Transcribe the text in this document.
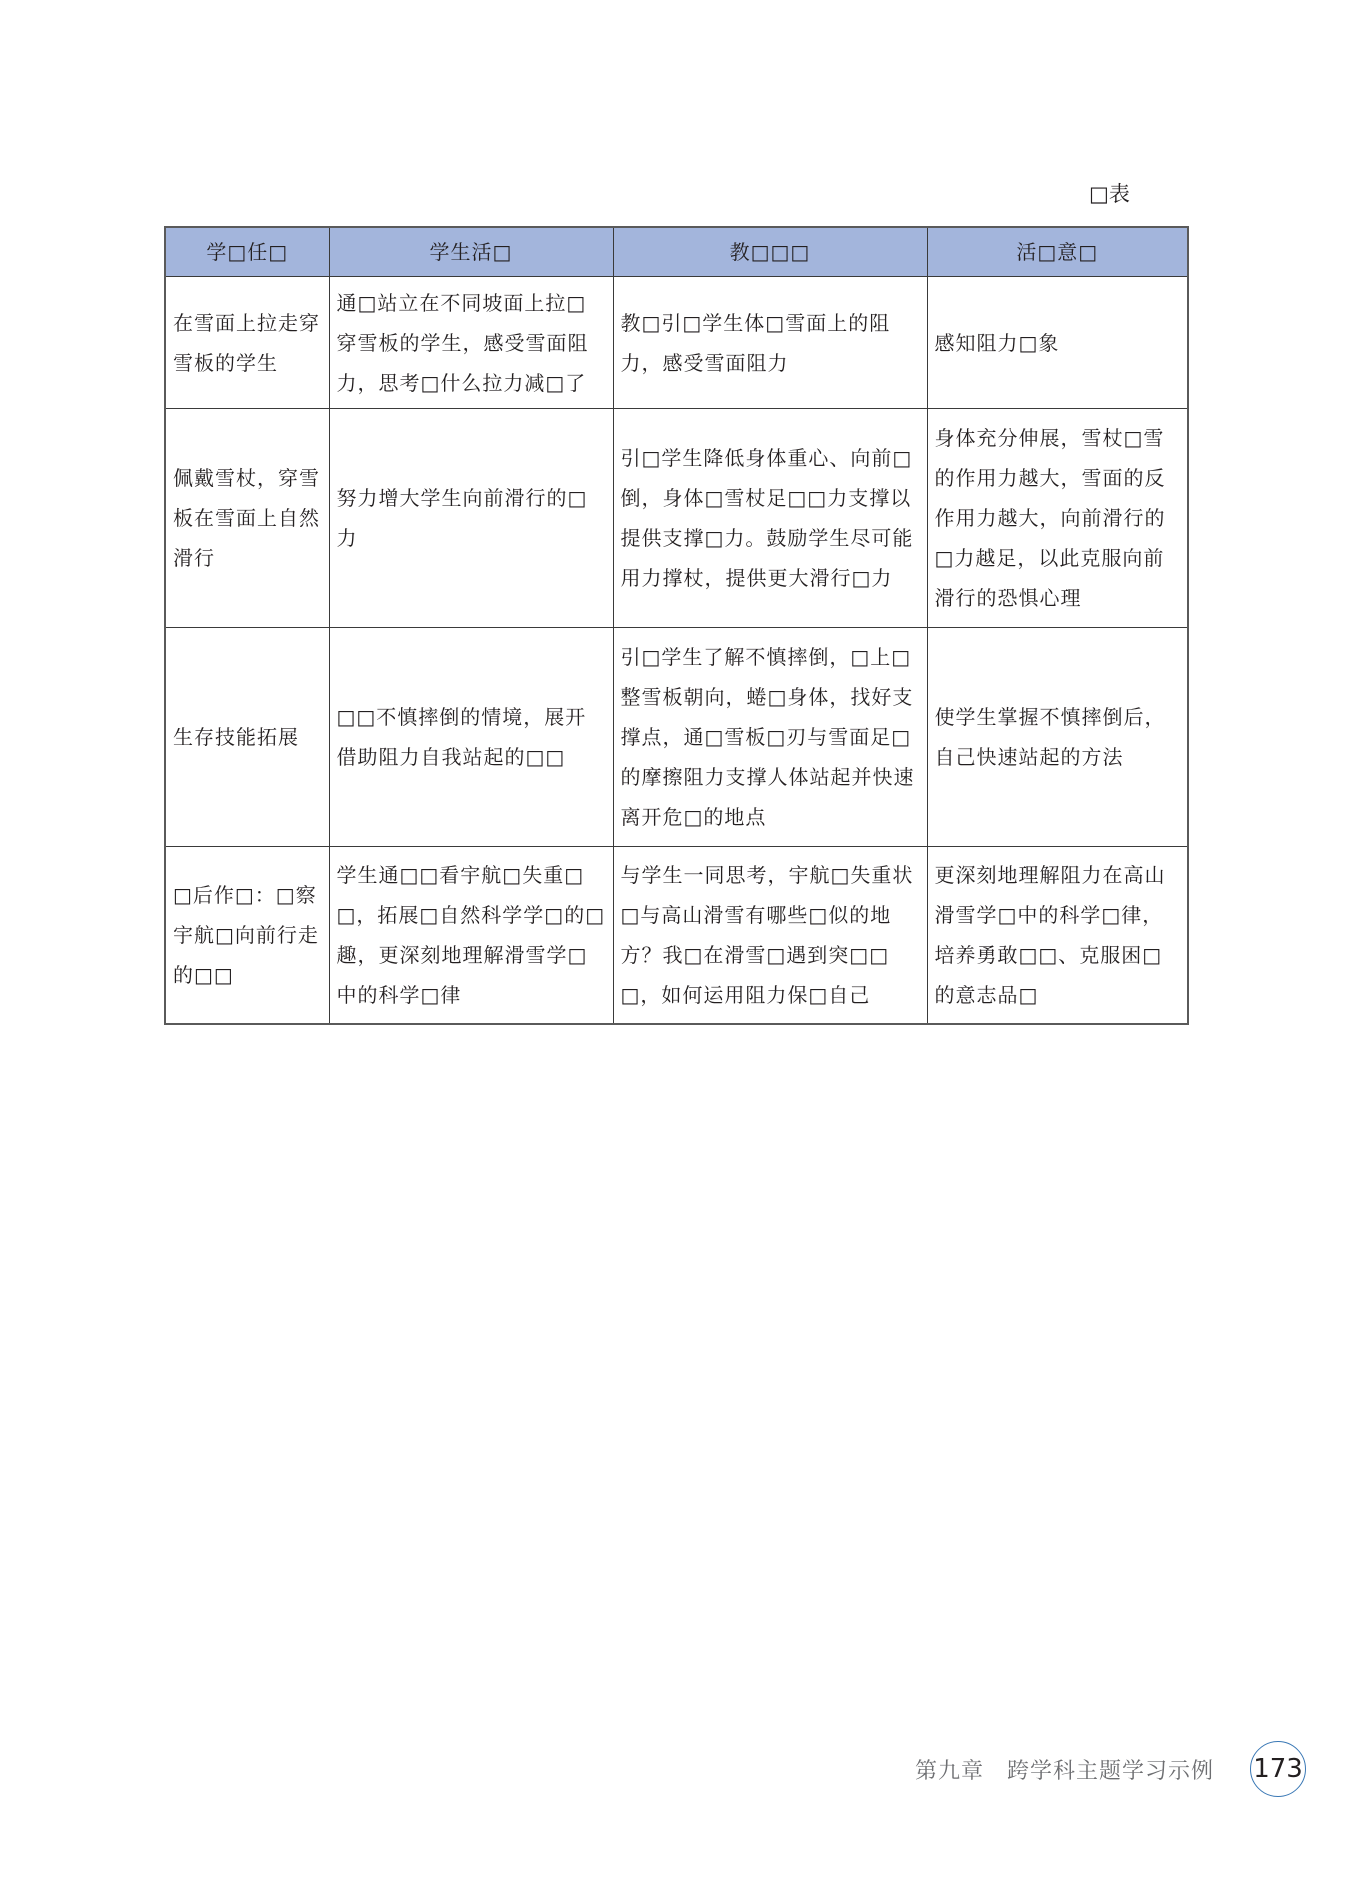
□表
学□任□	学生活□	教□□□	活□意□
在雪面上拉走穿雪板的学生	通□站立在不同坡面上拉□穿雪板的学生，感受雪面阻力，思考□什么拉力减□了	教□引□学生体□雪面上的阻力，感受雪面阻力	感知阻力□象
佩戴雪杖，穿雪板在雪面上自然滑行	努力增大学生向前滑行的□力	引□学生降低身体重心、向前□倒，身体□雪杖足□□力支撑以提供支撑□力。鼓励学生尽可能用力撑杖，提供更大滑行□力	身体充分伸展，雪杖□雪的作用力越大，雪面的反作用力越大，向前滑行的□力越足，以此克服向前滑行的恐惧心理
生存技能拓展	□□不慎摔倒的情境，展开借助阻力自我站起的□□	引□学生了解不慎摔倒，□上□整雪板朝向，蜷□身体，找好支撑点，通□雪板□刃与雪面足□的摩擦阻力支撑人体站起并快速离开危□的地点	使学生掌握不慎摔倒后，自己快速站起的方法
□后作□：□察宇航□向前行走的□□	学生通□□看宇航□失重□□，拓展□自然科学学□的□趣，更深刻地理解滑雪学□中的科学□律	与学生一同思考，宇航□失重状□与高山滑雪有哪些□似的地方？我□在滑雪□遇到突□□□，如何运用阻力保□自己	更深刻地理解阻力在高山滑雪学□中的科学□律，培养勇敢□□、克服困□的意志品□
第九章　跨学科主题学习示例 173
